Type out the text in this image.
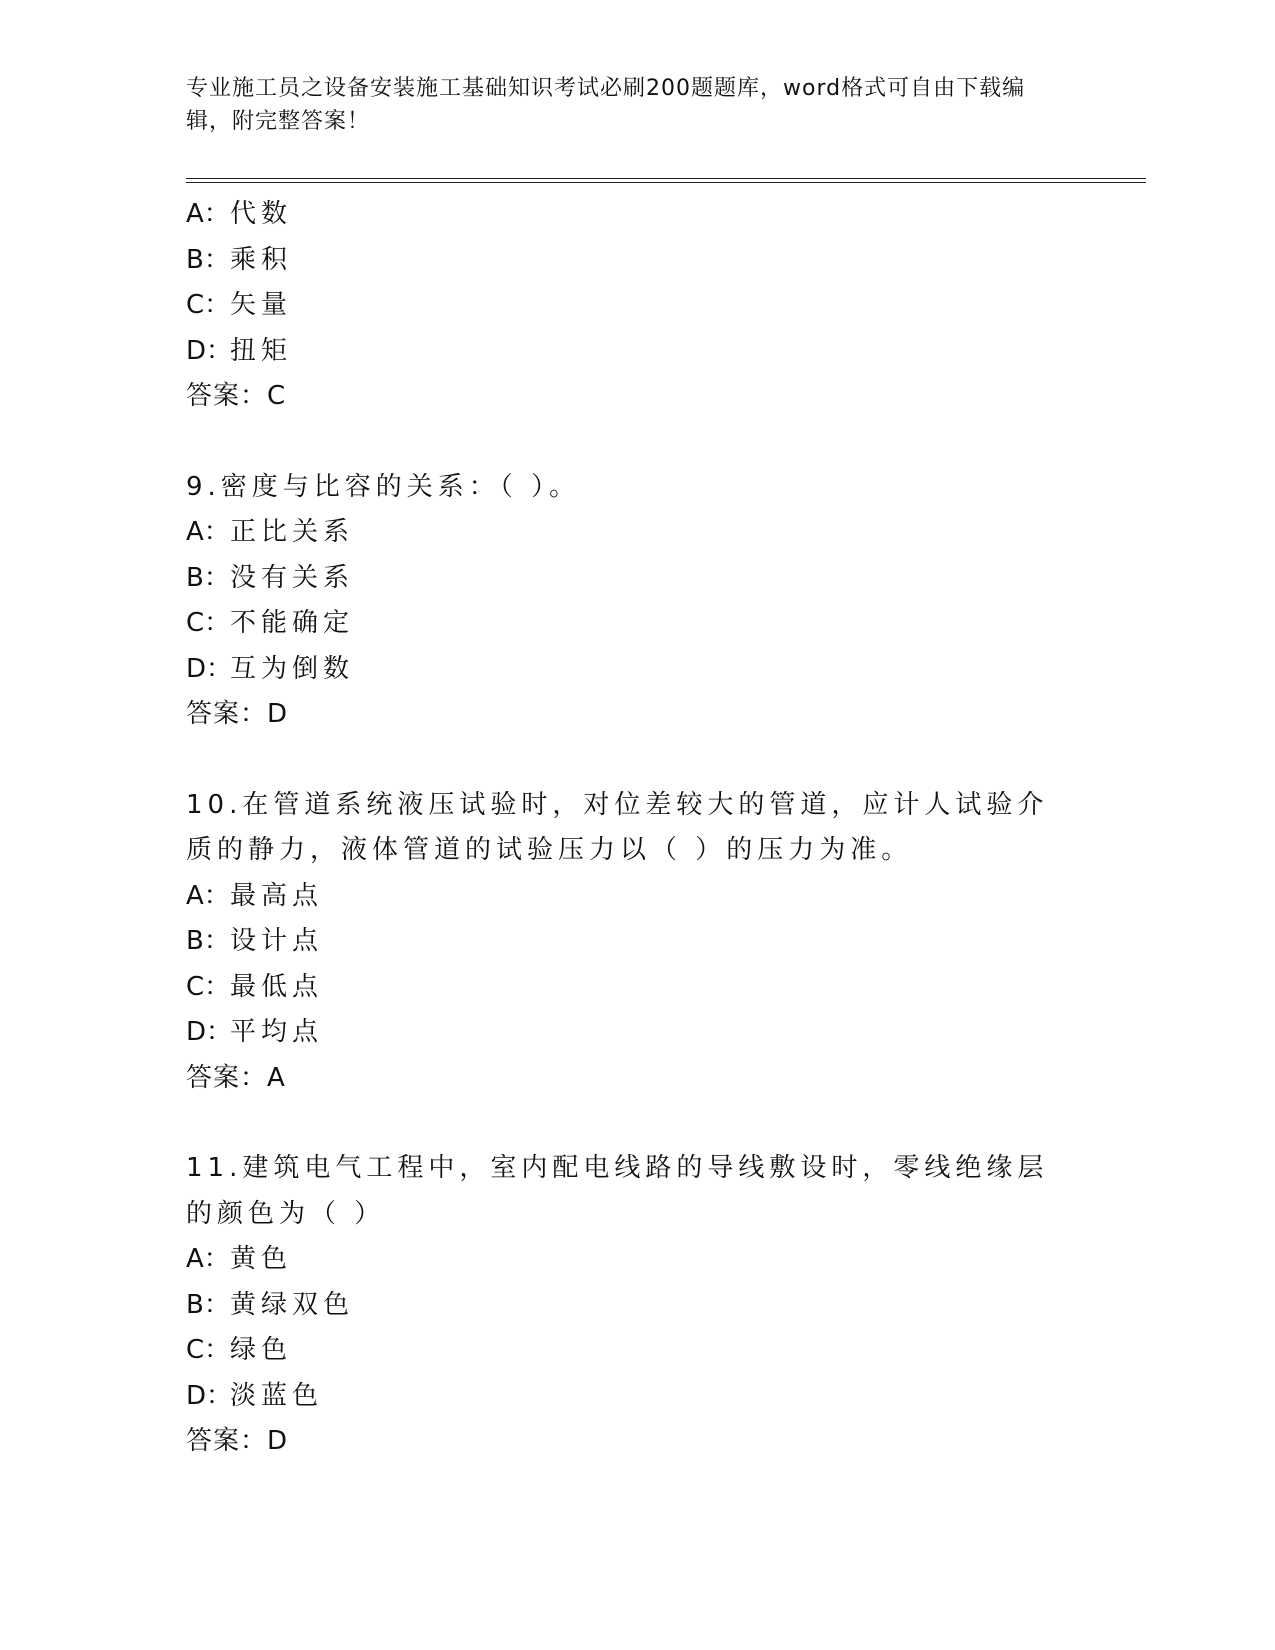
专业施工员之设备安装施工基础知识考试必刷200题题库，word格式可自由下载编辑，附完整答案！
A：代数
B：乘积
C：矢量
D：扭矩
答案：C
9.密度与比容的关系：（ ）。
A：正比关系
B：没有关系
C：不能确定
D：互为倒数
答案：D
10.在管道系统液压试验时，对位差较大的管道，应计人试验介质的静力，液体管道的试验压力以（ ）的压力为准。
A：最高点
B：设计点
C：最低点
D：平均点
答案：A
11.建筑电气工程中，室内配电线路的导线敷设时，零线绝缘层的颜色为（ ）
A：黄色
B：黄绿双色
C：绿色
D：淡蓝色
答案：D
